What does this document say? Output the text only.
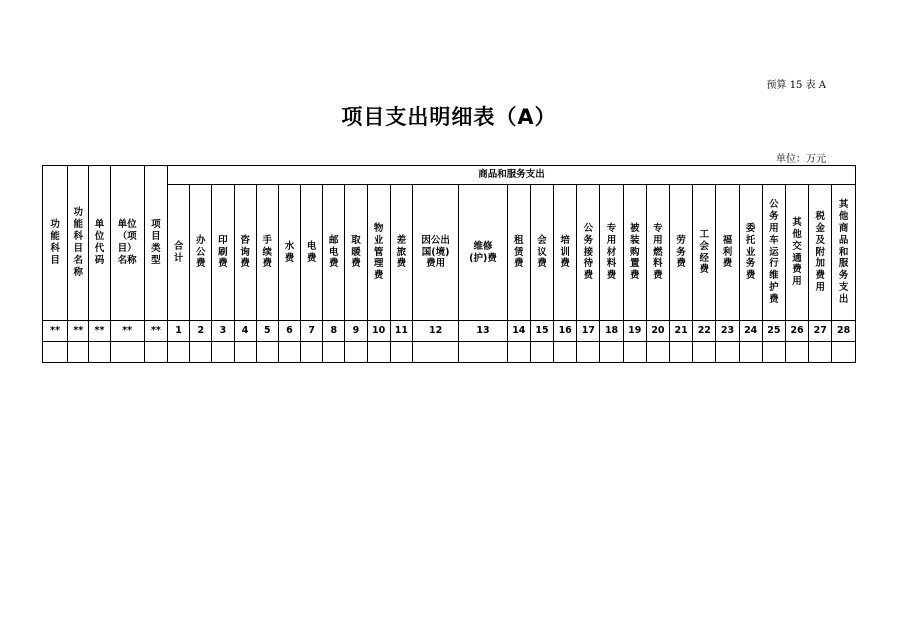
预算 15 表 A
项目支出明细表（A）
单位：万元
功能科目	功能科目名称	单位代码	单位（项目）名称	项目类型	商品和服务支出																											
					合计	办公费	印刷费	咨询费	手续费	水费	电费	邮电费	取暖费	物业管理费	差旅费	因公出国(境)费用	维修(护)费	租赁费	会议费	培训费	公务接待费	专用材料费	被装购置费	专用燃料费	劳务费	工会经费	福利费	委托业务费	公务用车运行维护费	其他交通费用	税金及附加费用	其他商品和服务支出
**	**	**	**	**	1	2	3	4	5	6	7	8	9	10	11	12	13	14	15	16	17	18	19	20	21	22	23	24	25	26	27	28
